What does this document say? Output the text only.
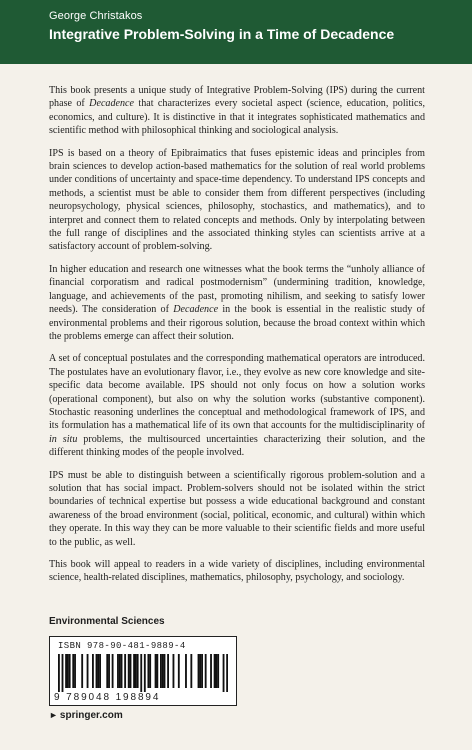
George Christakos
Integrative Problem-Solving in a Time of Decadence

This book presents a unique study of Integrative Problem-Solving (IPS) during the current phase of Decadence that characterizes every societal aspect (science, education, politics, economics, and culture). It is distinctive in that it integrates sophisticated mathematics and scientific method with philosophical thinking and sociological analysis.

IPS is based on a theory of Epibraimatics that fuses epistemic ideas and principles from brain sciences to develop action-based mathematics for the solution of real world problems under conditions of uncertainty and space-time dependency. To understand IPS concepts and methods, a scientist must be able to consider them from different perspectives (including neuropsychology, physical sciences, philosophy, stochastics, and mathematics), and to interpret and connect them to related concepts and methods. Only by interpolating between the full range of disciplines and the associated thinking styles can scientists arrive at a satisfactory account of problem-solving.

In higher education and research one witnesses what the book terms the “unholy alliance of financial corporatism and radical postmodernism” (undermining tradition, knowledge, language, and achievements of the past, promoting nihilism, and seeking to satisfy lower needs). The consideration of Decadence in the book is essential in the realistic study of environmental problems and their rigorous solution, because the broad context within which the problems emerge can affect their solution.

A set of conceptual postulates and the corresponding mathematical operators are introduced. The postulates have an evolutionary flavor, i.e., they evolve as new core knowledge and site-specific data become available. IPS should not only focus on how a solution works (operational component), but also on why the solution works (substantive component). Stochastic reasoning underlines the conceptual and methodological framework of IPS, and its formulation has a mathematical life of its own that accounts for the multidisciplinarity of in situ problems, the multisourced uncertainties characterizing their solution, and the different thinking modes of the people involved.

IPS must be able to distinguish between a scientifically rigorous problem-solution and a solution that has social impact. Problem-solvers should not be isolated within the strict boundaries of technical expertise but possess a wide educational background and constant awareness of the broad environment (social, political, economic, and cultural) within which they operate. In this way they can be more valuable to their scientific fields and more useful to the public, as well.

This book will appeal to readers in a wide variety of disciplines, including environmental science, health-related disciplines, mathematics, philosophy, psychology, and sociology.

Environmental Sciences
ISBN 978-90-481-9889-4
9 789048 198894
► springer.com
